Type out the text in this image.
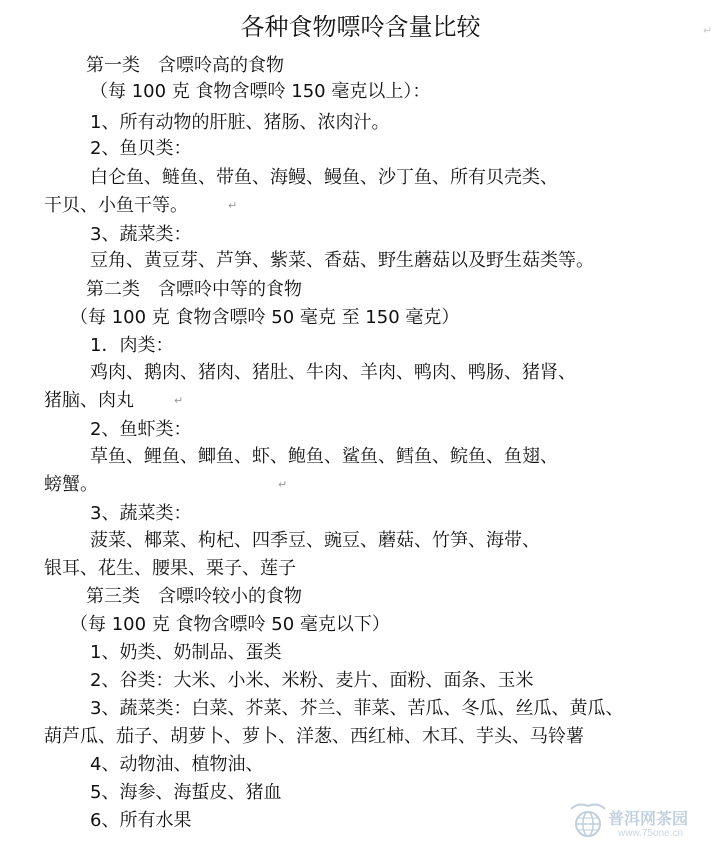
各种食物嘌呤含量比较	↵
第一类　含嘌呤高的食物
（每 100 克 食物含嘌呤 150 毫克以上）：
1、所有动物的肝脏、猪肠、浓肉汁。
2、鱼贝类：
白仑鱼、鲢鱼、带鱼、海鳗、鳗鱼、沙丁鱼、所有贝壳类、
干贝、小鱼干等。	↵
3、蔬菜类：
豆角、黄豆芽、芦笋、紫菜、香菇、野生蘑菇以及野生菇类等。
第二类　含嘌呤中等的食物
（每 100 克 食物含嘌呤 50 毫克 至 150 毫克）
1．肉类：
鸡肉、鹅肉、猪肉、猪肚、牛肉、羊肉、鸭肉、鸭肠、猪肾、
猪脑、肉丸	↵
2、鱼虾类：
草鱼、鲤鱼、鲫鱼、虾、鲍鱼、鲨鱼、鳕鱼、鲩鱼、鱼翅、
螃蟹。	↵
3、蔬菜类：
菠菜、椰菜、枸杞、四季豆、豌豆、蘑菇、竹笋、海带、
银耳、花生、腰果、栗子、莲子
第三类　含嘌呤较小的食物
（每 100 克 食物含嘌呤 50 毫克以下）
1、奶类、奶制品、蛋类
2、谷类：大米、小米、米粉、麦片、面粉、面条、玉米
3、蔬菜类：白菜、芥菜、芥兰、菲菜、苦瓜、冬瓜、丝瓜、黄瓜、
葫芦瓜、茄子、胡萝卜、萝卜、洋葱、西红柿、木耳、芋头、马铃薯
4、动物油、植物油、
5、海参、海蜇皮、猪血
6、所有水果	普洱网茶园
www.75one.cn
